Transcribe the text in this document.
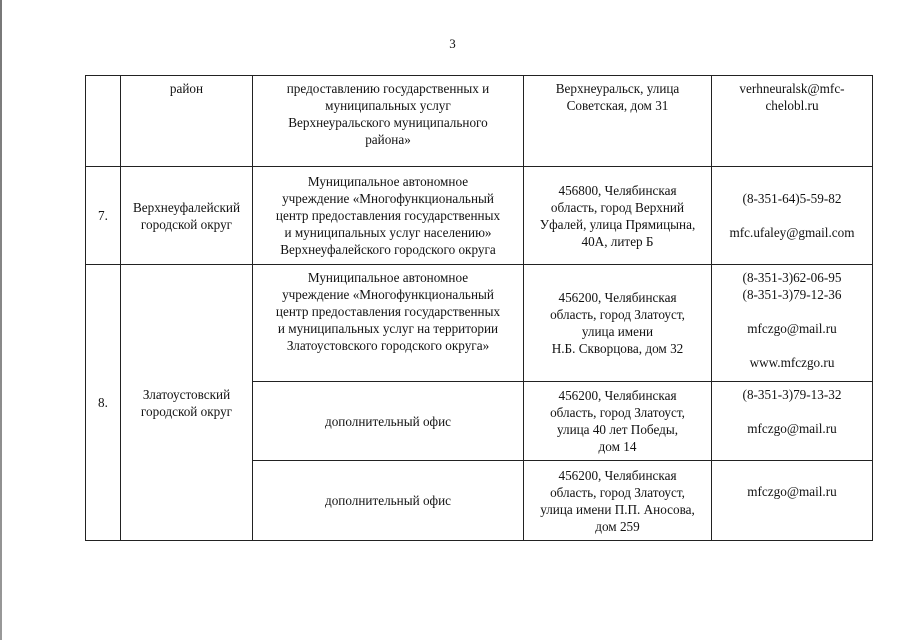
3

	район	предоставлению государственных и
муниципальных услуг
Верхнеуральского муниципального
района»	Верхнеуральск, улица
Советская, дом 31	verhneuralsk@mfc-
chelobl.ru

7.	Верхнеуфалейский
городской округ	Муниципальное автономное
учреждение «Многофункциональный
центр предоставления государственных
и муниципальных услуг населению»
Верхнеуфалейского городского округа	456800, Челябинская
область, город Верхний
Уфалей, улица Прямицына,
40А, литер Б	(8-351-64)5-59-82
mfc.ufaley@gmail.com

8.	Златоустовский
городской округ	Муниципальное автономное
учреждение «Многофункциональный
центр предоставления государственных
и муниципальных услуг на территории
Златоустовского городского округа»	456200, Челябинская
область, город Златоуст,
улица имени
Н.Б. Скворцова, дом 32	(8-351-3)62-06-95
(8-351-3)79-12-36
mfczgo@mail.ru
www.mfczgo.ru

		дополнительный офис	456200, Челябинская
область, город Златоуст,
улица 40 лет Победы,
дом 14	(8-351-3)79-13-32
mfczgo@mail.ru

		дополнительный офис	456200, Челябинская
область, город Златоуст,
улица имени П.П. Аносова,
дом 259	mfczgo@mail.ru
